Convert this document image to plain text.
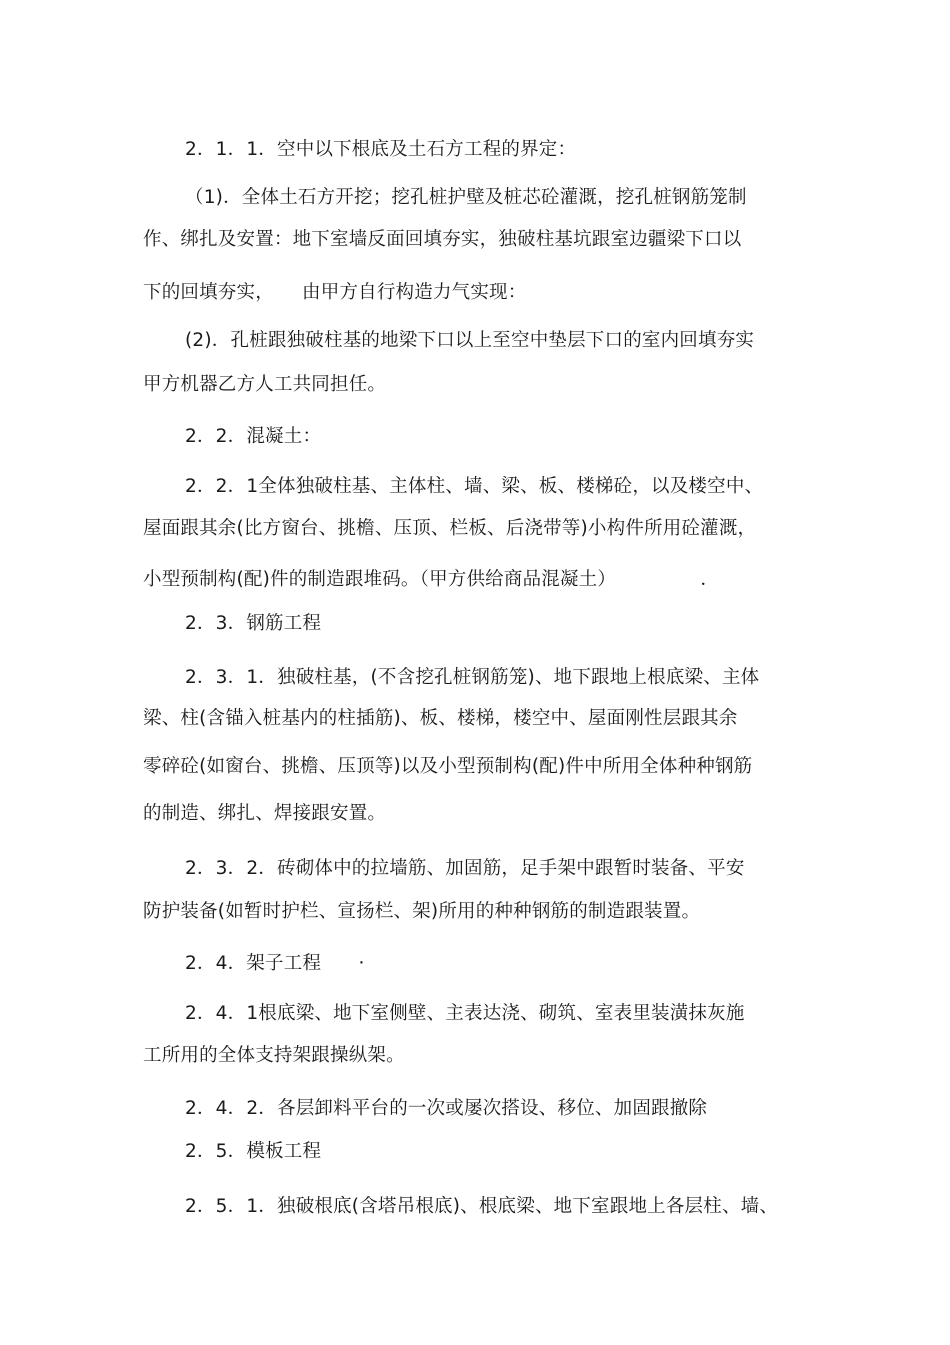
2．1．1．空中以下根底及土石方工程的界定：
（1)．全体土石方开挖；挖孔桩护壁及桩芯砼灌溉，挖孔桩钢筋笼制
作、绑扎及安置：地下室墙反面回填夯实，独破柱基坑跟室边疆梁下口以
下的回填夯实，　　由甲方自行构造力气实现：
(2)．孔桩跟独破柱基的地梁下口以上至空中垫层下口的室内回填夯实
甲方机器乙方人工共同担任。
2．2．混凝土：
2．2．1全体独破柱基、主体柱、墙、梁、板、楼梯砼，以及楼空中、
屋面跟其余(比方窗台、挑檐、压顶、栏板、后浇带等)小构件所用砼灌溉，
小型预制构(配)件的制造跟堆码。（甲方供给商品混凝土）　　　　　．
2．3．钢筋工程
2．3．1．独破柱基，(不含挖孔桩钢筋笼)、地下跟地上根底梁、主体
梁、柱(含锚入桩基内的柱插筋)、板、楼梯，楼空中、屋面刚性层跟其余
零碎砼(如窗台、挑檐、压顶等)以及小型预制构(配)件中所用全体种种钢筋
的制造、绑扎、焊接跟安置。
2．3．2．砖砌体中的拉墙筋、加固筋，足手架中跟暂时装备、平安
防护装备(如暂时护栏、宣扬栏、架)所用的种种钢筋的制造跟装置。
2．4．架子工程　　·
2．4．1根底梁、地下室侧壁、主表达浇、砌筑、室表里装潢抹灰施
工所用的全体支持架跟操纵架。
2．4．2．各层卸料平台的一次或屡次搭设、移位、加固跟撤除
2．5．模板工程
2．5．1．独破根底(含塔吊根底)、根底梁、地下室跟地上各层柱、墙、
